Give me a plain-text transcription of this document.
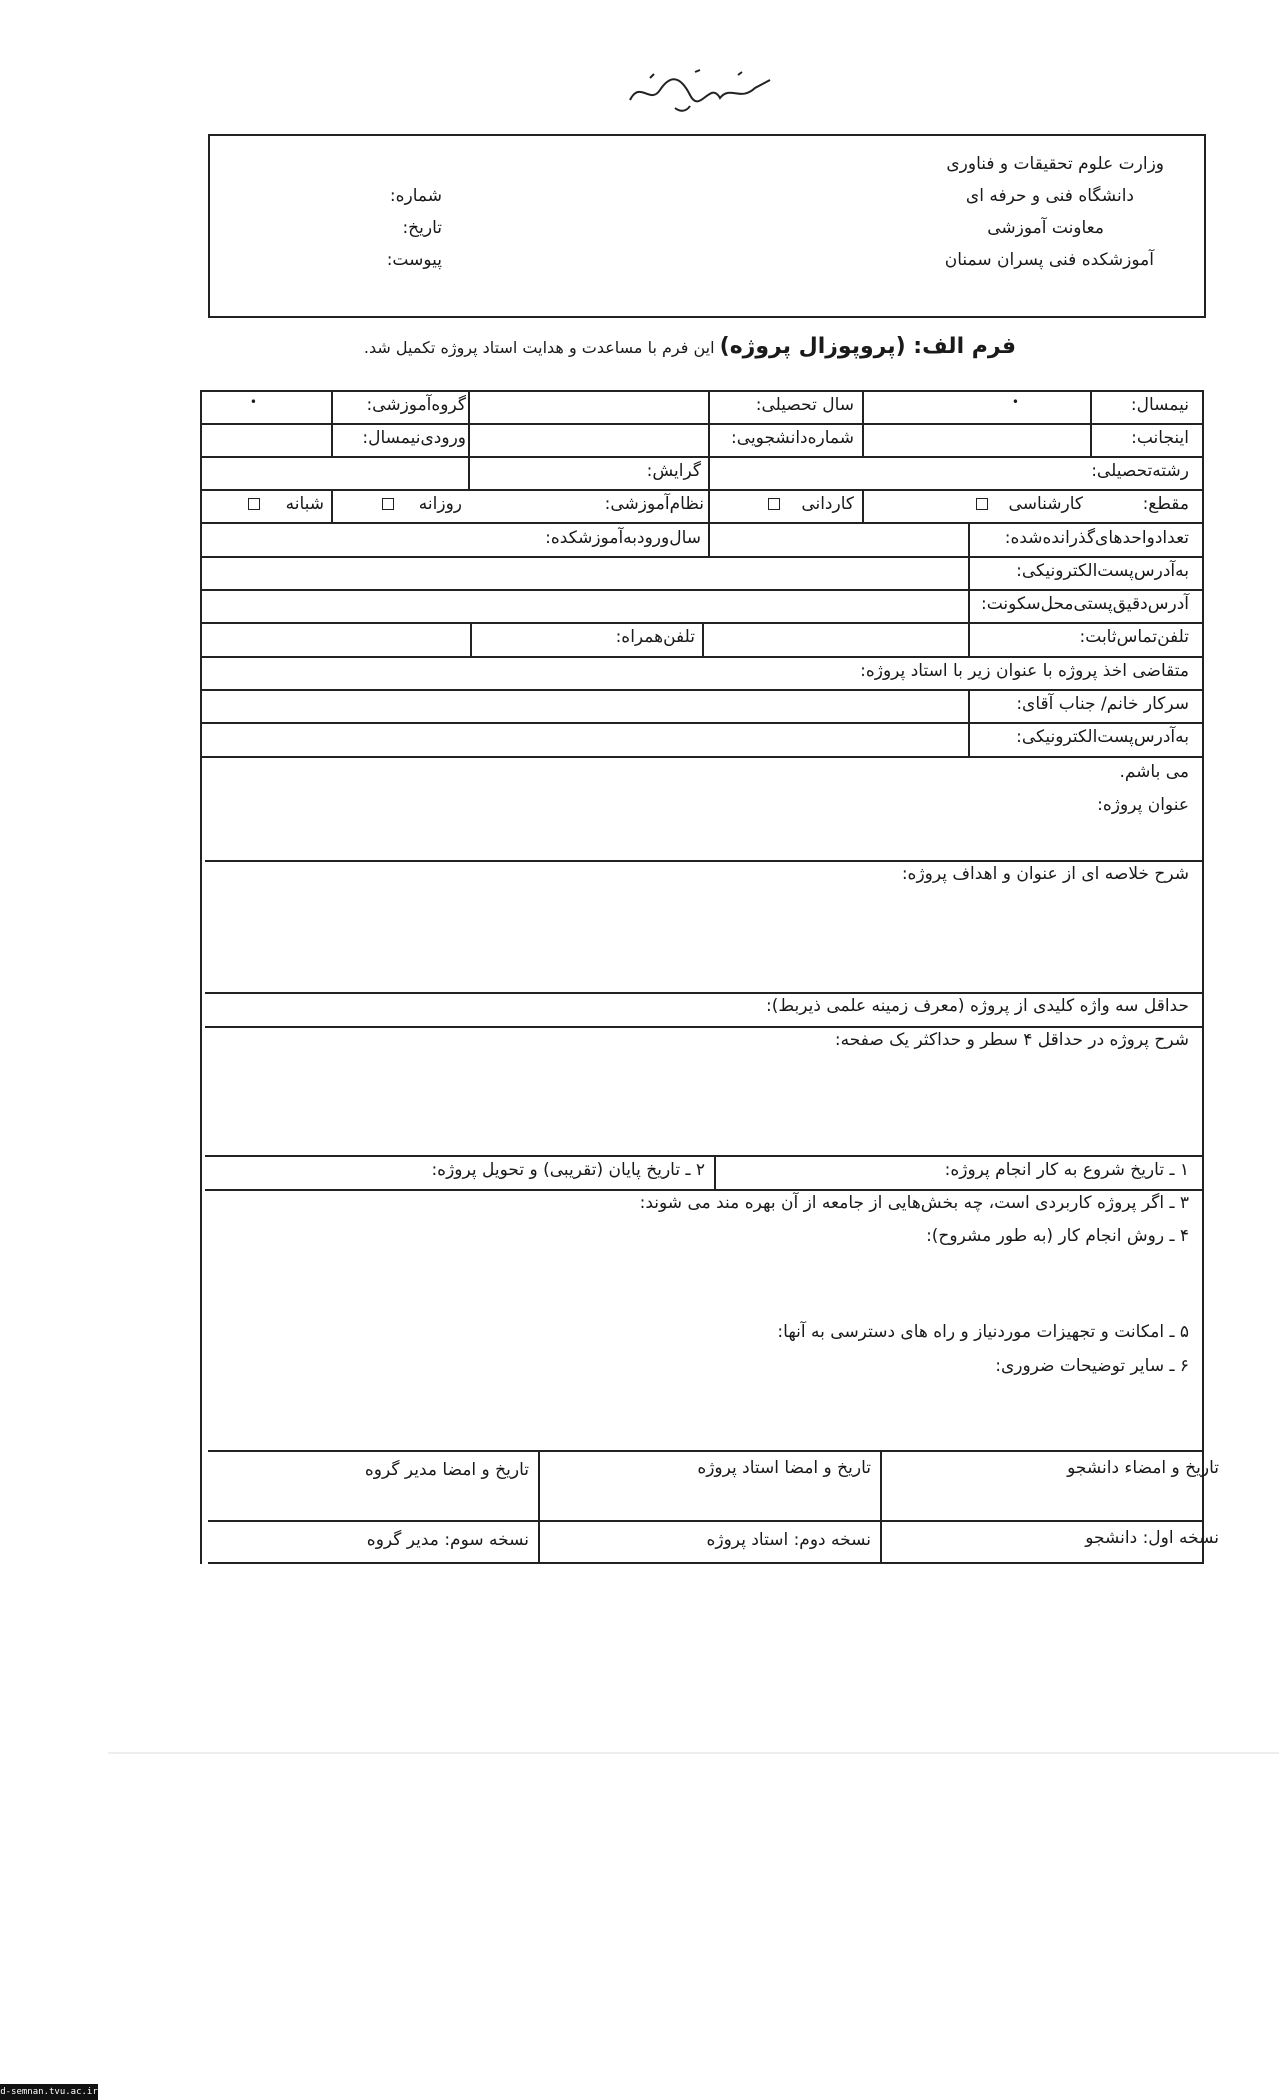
وزارت علوم تحقیقات و فناوری
دانشگاه فنی و حرفه ای
معاونت آموزشی
آموزشکده فنی پسران سمنان
شماره:
تاریخ:
پیوست:
فرم الف: (پروپوزال پروژه) این فرم با مساعدت و هدایت استاد پروژه تکمیل شد.
نیمسال:
سال تحصیلی:
گروه‌آموزشی:	•
•
اینجانب:
شماره‌دانشجویی:
ورودی‌نیمسال:
رشته‌تحصیلی:
گرایش:
مقطع:
کارشناسی
کاردانی
نظام‌آموزشی:
روزانه
شبانه
تعدادواحدهای‌گذرانده‌شده:
سال‌ورود‌به‌آموزشکده:
به‌آدرس‌پست‌الکترونیکی:
آدرس‌دقیق‌پستی‌محل‌سکونت:
تلفن‌تماس‌ثابت:
تلفن‌همراه:
متقاضی اخذ پروژه با عنوان زیر با استاد پروژه:
سرکار خانم/ جناب آقای:
به‌آدرس‌پست‌الکترونیکی:
می باشم.
عنوان پروژه:
شرح خلاصه ای از عنوان و اهداف پروژه:
حداقل سه واژه کلیدی از پروژه (معرف زمینه علمی ذیربط):
شرح پروژه در حداقل ۴ سطر و حداکثر یک صفحه:
۱ ـ تاریخ شروع به کار انجام پروژه:
۲ ـ تاریخ پایان (تقریبی) و تحویل پروژه:
۳ ـ اگر پروژه کاربردی است، چه بخش‌هایی از جامعه از آن بهره مند می شوند:
۴ ـ روش انجام کار (به طور مشروح):
۵ ـ امکانت و تجهیزات موردنیاز و راه های دسترسی به آنها:
۶ ـ سایر توضیحات ضروری:
تاریخ و امضاء دانشجو
تاریخ و امضا استاد پروژه
تاریخ و امضا مدیر گروه
نسخه اول: دانشجو
نسخه دوم: استاد پروژه
نسخه سوم: مدیر گروه
d-semnan.tvu.ac.ir
